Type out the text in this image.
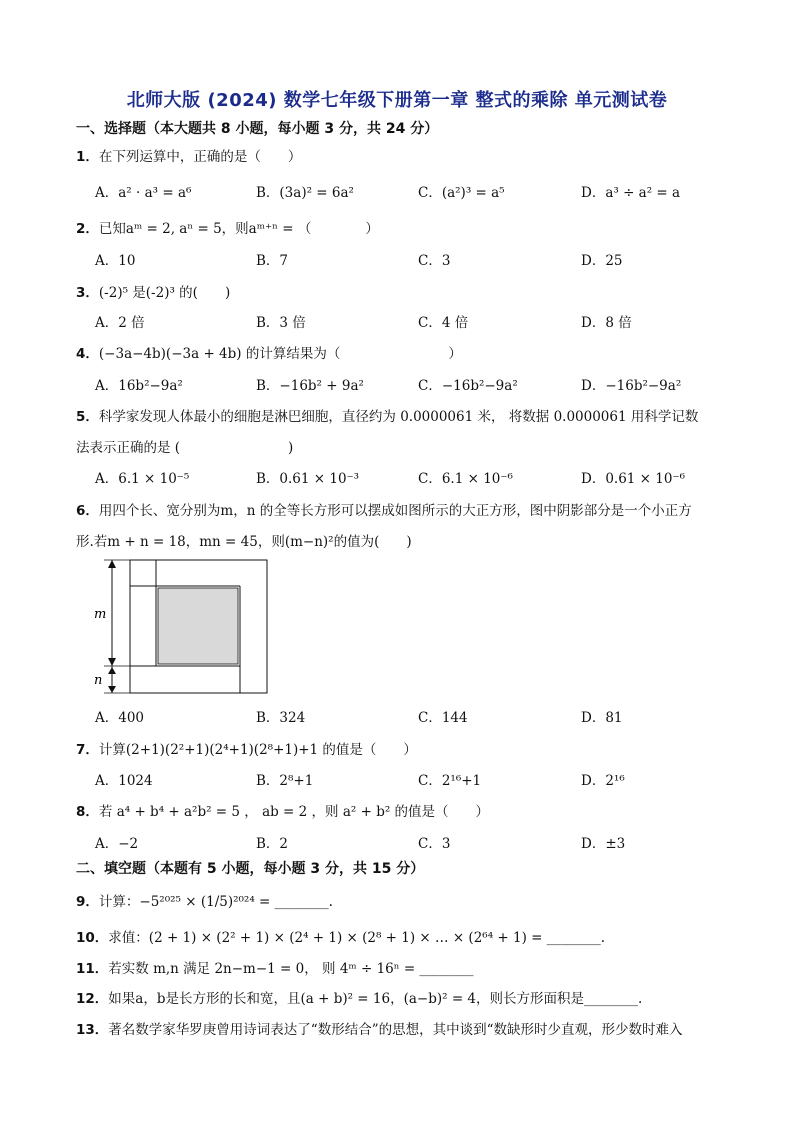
北师大版 (2024) 数学七年级下册第一章 整式的乘除 单元测试卷
一、选择题（本大题共 8 小题，每小题 3 分，共 24 分）
1．在下列运算中，正确的是（　　）
A．a² · a³ = a⁶	B．(3a)² = 6a²	C．(a²)³ = a⁵	D．a³ ÷ a² = a
2．已知aᵐ = 2, aⁿ = 5，则aᵐ⁺ⁿ = （　　　　）
A．10	B．7	C．3	D．25
3．(-2)⁵ 是(-2)³ 的(　　)
A．2 倍	B．3 倍	C．4 倍	D．8 倍
4．(−3a−4b)(−3a + 4b) 的计算结果为（　　　　　　　　）
A．16b²−9a²	B．−16b² + 9a²	C．−16b²−9a²	D．−16b²−9a²
5．科学家发现人体最小的细胞是淋巴细胞，直径约为 0.0000061 米， 将数据 0.0000061 用科学记数
法表示正确的是 (　　　　　　　　)
A．6.1 × 10⁻⁵	B．0.61 × 10⁻³	C．6.1 × 10⁻⁶	D．0.61 × 10⁻⁶
6．用四个长、宽分别为m，n 的全等长方形可以摆成如图所示的大正方形，图中阴影部分是一个小正方
形.若m + n = 18，mn = 45，则(m−n)²的值为(　　)
m
n
A．400	B．324	C．144	D．81
7．计算(2+1)(2²+1)(2⁴+1)(2⁸+1)+1 的值是（　　）
A．1024	B．2⁸+1	C．2¹⁶+1	D．2¹⁶
8．若 a⁴ + b⁴ + a²b² = 5 ， ab = 2 ，则 a² + b² 的值是（　　）
A．−2	B．2	C．3	D．±3
二、填空题（本题有 5 小题，每小题 3 分，共 15 分）
9．计算：−5²⁰²⁵ × (1/5)²⁰²⁴ = ________.
10．求值：(2 + 1) × (2² + 1) × (2⁴ + 1) × (2⁸ + 1) × … × (2⁶⁴ + 1) = ________.
11．若实数 m,n 满足 2n−m−1 = 0， 则 4ᵐ ÷ 16ⁿ = ________
12．如果a，b是长方形的长和宽，且(a + b)² = 16，(a−b)² = 4，则长方形面积是________.
13．著名数学家华罗庚曾用诗词表达了“数形结合”的思想，其中谈到“数缺形时少直观，形少数时难入
